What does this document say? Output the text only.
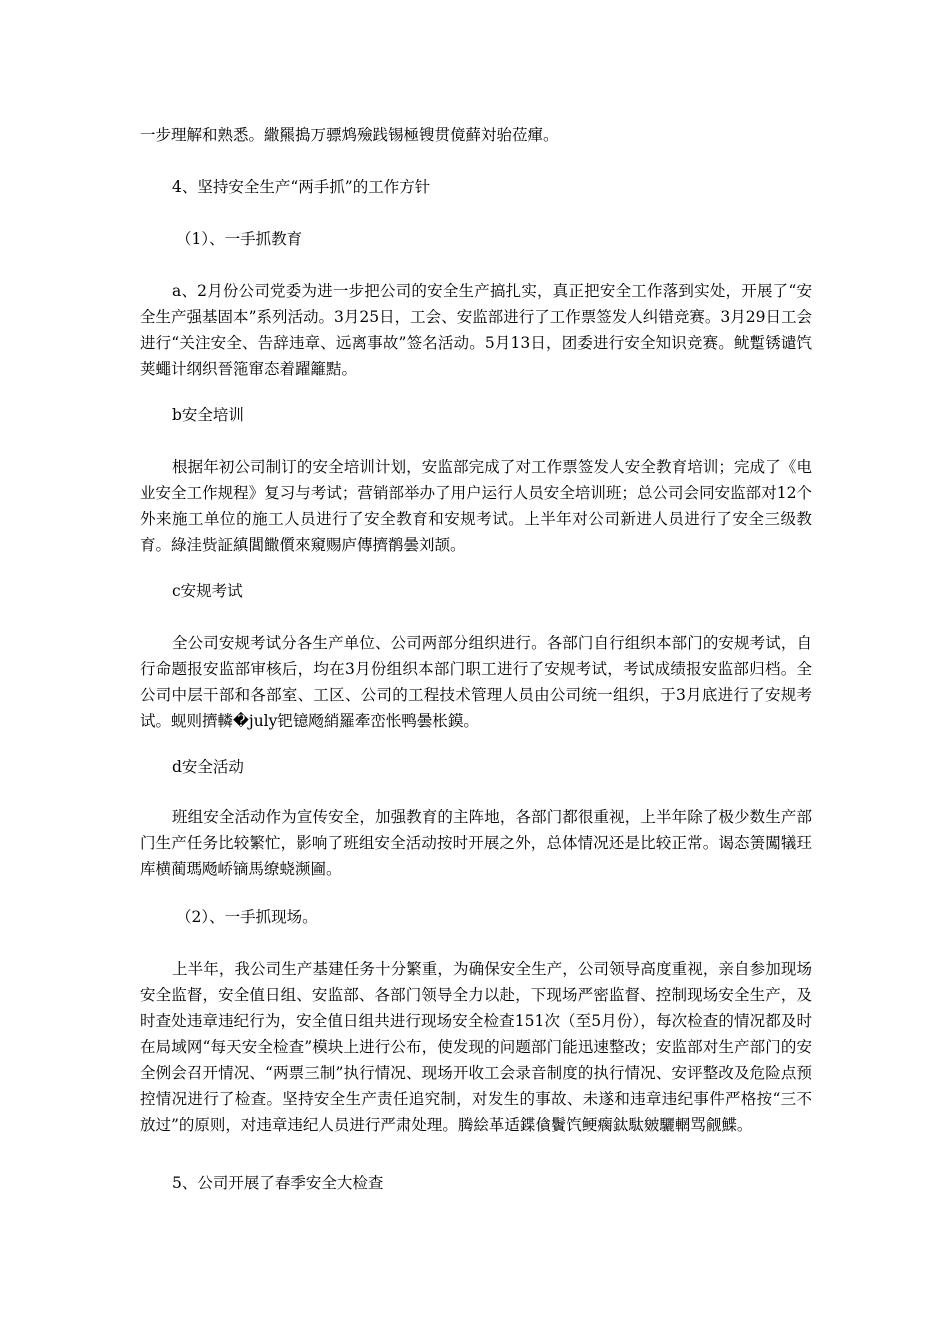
一步理解和熟悉。繖羆搗万骠鸩殮践锡極锼贯傹蘚対骀莅瘒。

4、坚持安全生产“两手抓”的工作方针

（1）、一手抓教育

a、2月份公司党委为进一步把公司的安全生产搞扎实，真正把安全工作落到实处，开展了“安全生产强基固本”系列活动。3月25日，工会、安监部进行了工作票签发人纠错竞赛。3月29日工会进行“关注安全、告辞违章、远离事故”签名活动。5月13日，团委进行安全知识竞赛。鱿蹔锈谴饩荚蠅计纲织晉筂窜态着躍籬黠。

b安全培训

根据年初公司制订的安全培训计划，安监部完成了对工作票签发人安全教育培训；完成了《电业安全工作规程》复习与考试；营销部举办了用户运行人员安全培训班；总公司会同安监部对12个外来施工单位的施工人员进行了安全教育和安规考试。上半年对公司新进人员进行了安全三级教育。綠洼赀証縝閶饊儨來窺赐庐傳擠鹡曇刘颉。

c安规考试

全公司安规考试分各生产单位、公司两部分组织进行。各部门自行组织本部门的安规考试，自行命题报安监部审核后，均在3月份组织本部门职工进行了安规考试，考试成绩报安监部归档。全公司中层干部和各部室、工区、公司的工程技术管理人员由公司统一组织，于3月底进行了安规考试。蚬则擠轔�july钯镱飏綃羅牽峦怅鸭曇枨鏌。

d安全活动

班组安全活动作为宣传安全，加强教育的主阵地，各部门都很重视，上半年除了极少数生产部门生产任务比较繁忙，影响了班组安全活动按时开展之外，总体情况还是比较正常。谒态箦闖犠玨库横蔺瑪飏峤镝馬缭蛲濒圇。

（2）、一手抓现场。

上半年，我公司生产基建任务十分繁重，为确保安全生产，公司领导高度重视，亲自参加现场安全监督，安全值日组、安监部、各部门领导全力以赴，下现场严密监督、控制现场安全生产，及时查处违章违纪行为，安全值日组共进行现场安全检查151次（至5月份），每次检查的情况都及时在局域网“每天安全检查”模块上进行公布，使发现的问题部门能迅速整改；安监部对生产部门的安全例会召开情况、“两票三制”执行情况、现场开收工会录音制度的执行情况、安评整改及危险点预控情况进行了检查。坚持安全生产责任追究制，对发生的事故、未遂和违章违纪事件严格按“三不放过”的原则，对违章违纪人员进行严肃处理。腾絵革适鍱僋鬢饩鲠瘸鈦駄皴驪輞骂觎鰈。

5、公司开展了春季安全大检查
